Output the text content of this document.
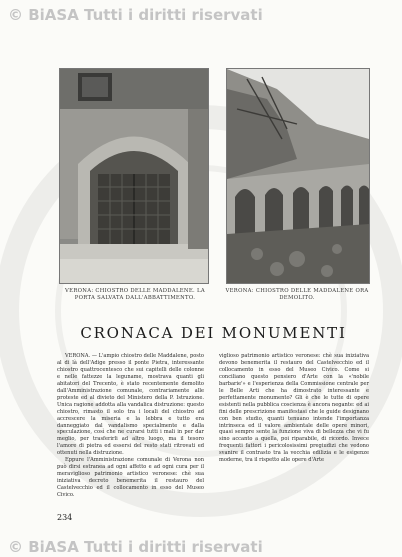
© BiASA Tutti i diritti riservati
VERONA: CHIOSTRO DELLE MADDALENE. LA PORTA SALVATA DALL'ABBATTIMENTO.
VERONA: CHIOSTRO DELLE MADDALENE ORA DEMOLITO.
CRONACA DEI MONUMENTI

VERONA. — L'ampio chiostro delle Maddalene, posto al di là dell'Adige presso il ponte Pietra, interessante chiostro quattrocentesco che sui capitelli delle colonne e nelle fattezze la leguname, mostrava quanti gli abitatori del Trecento, è stato recentemente demolito dall'Amministrazione comunale, contrariamente alle proteste ed al divieto del Ministero della P. Istruzione. Unica ragione addotta alla vandalica distruzione: questo chiostro, rimasto il solo tra i locali del chiostro ad accrescere la miseria e la lebbra e tutto era danneggiato dal vandalismo specialmente e dalla speculazione, così che ne curarsi tutti i mali in per dar meglio, per trasferirli ad altro luogo, ma il tesoro l'amore di pietra ed essersi del resto stati ritrovati ed ottenuti nella distruzione.

Eppure l'Amministrazione comunale di Verona non può dirsi estranea ad ogni affetto e ad ogni cura per il meraviglioso patrimonio artistico veronese: chè sua iniziativa decreto benemerita il restauro del Castelvecchio ed il collocamento in esso del Museo Civico.

viglioso patrimonio artistico veronese: chè sua iniziativa devono benemerita il restauro del Castelvecchio ed il collocamento in esso del Museo Civico. Come si conciliano questo pensiero d'Arte con la «'nobile barbarie'» e l'esperienza della Commissione centrale per le Belle Arti che ha dimostrato interessante e perfettamente monumento? Gli è che le tutte di opere esistenti nella pubblica coscienza è ancora negante: ed ai fini delle prescrizione manifestasi che le guide designano con ben studio, quanti tenuano intende l'importanza intrinseca ed il valore ambientale delle opere minori, quasi sempre sente la funzione viva di bellezza che vi fu sino accanto a quella, poi riparabile, di ricordo. Invece frequenti fattori i pericolosissimi pregiudizi che vedono svanire il contrasto tra la vecchia edilizia e le esigenze moderne, tra il rispetto alle opere d'Arte

234
© BiASA Tutti i diritti riservati
